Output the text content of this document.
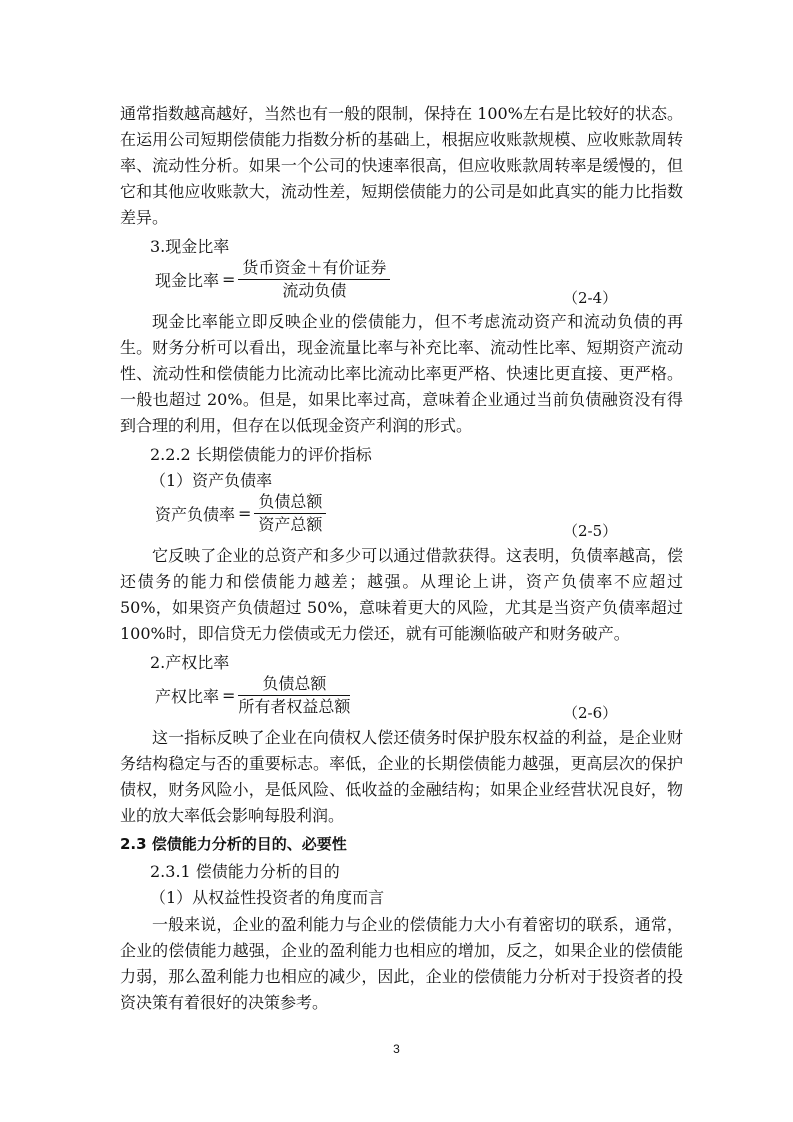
通常指数越高越好，当然也有一般的限制，保持在 100%左右是比较好的状态。在运用公司短期偿债能力指数分析的基础上，根据应收账款规模、应收账款周转率、流动性分析。如果一个公司的快速率很高，但应收账款周转率是缓慢的，但它和其他应收账款大，流动性差，短期偿债能力的公司是如此真实的能力比指数差异。

3.现金比率
现金比率 = $\frac{\text{货币资金＋有价证券}}{\text{流动负债}}$	（2-4）

现金比率能立即反映企业的偿债能力，但不考虑流动资产和流动负债的再生。财务分析可以看出，现金流量比率与补充比率、流动性比率、短期资产流动性、流动性和偿债能力比流动比率比流动比率更严格、快速比更直接、更严格。一般也超过 20%。但是，如果比率过高，意味着企业通过当前负债融资没有得到合理的利用，但存在以低现金资产利润的形式。

2.2.2 长期偿债能力的评价指标
（1）资产负债率
资产负债率 = $\frac{\text{负债总额}}{\text{资产总额}}$	（2-5）

它反映了企业的总资产和多少可以通过借款获得。这表明，负债率越高，偿还债务的能力和偿债能力越差；越强。从理论上讲，资产负债率不应超过 50%，如果资产负债超过 50%，意味着更大的风险，尤其是当资产负债率超过 100%时，即信贷无力偿债或无力偿还，就有可能濒临破产和财务破产。

2.产权比率
产权比率 = $\frac{\text{负债总额}}{\text{所有者权益总额}}$	（2-6）

这一指标反映了企业在向债权人偿还债务时保护股东权益的利益，是企业财务结构稳定与否的重要标志。率低，企业的长期偿债能力越强，更高层次的保护债权，财务风险小，是低风险、低收益的金融结构；如果企业经营状况良好，物业的放大率低会影响每股利润。

2.3 偿债能力分析的目的、必要性
2.3.1 偿债能力分析的目的
（1）从权益性投资者的角度而言

一般来说，企业的盈利能力与企业的偿债能力大小有着密切的联系，通常，企业的偿债能力越强，企业的盈利能力也相应的增加，反之，如果企业的偿债能力弱，那么盈利能力也相应的减少，因此，企业的偿债能力分析对于投资者的投资决策有着很好的决策参考。

3
